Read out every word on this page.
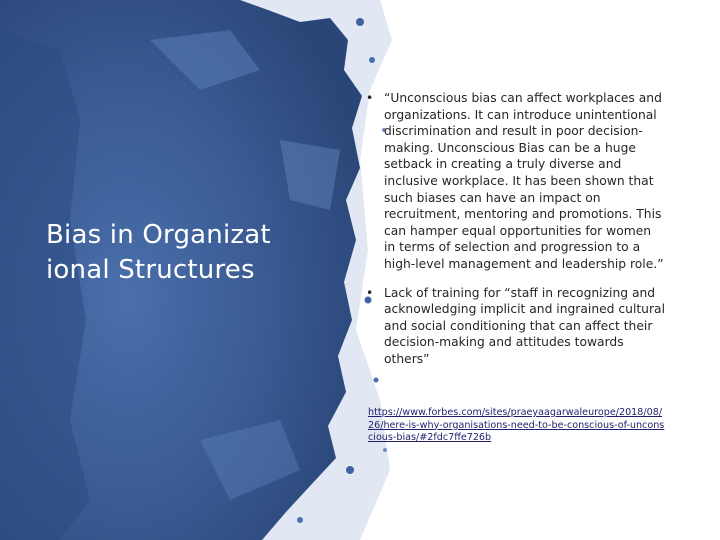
Bias in Organizational Structures
• “Unconscious bias can affect workplaces and organizations. It can introduce unintentional discrimination and result in poor decision-making. Unconscious Bias can be a huge setback in creating a truly diverse and inclusive workplace. It has been shown that such biases can have an impact on recruitment, mentoring and promotions. This can hamper equal opportunities for women in terms of selection and progression to a high-level management and leadership role.”
• Lack of training for “staff in recognizing and acknowledging implicit and ingrained cultural and social conditioning that can affect their decision-making and attitudes towards others”
https://www.forbes.com/sites/praeyaagarwaleurope/2018/08/26/here-is-why-organisations-need-to-be-conscious-of-unconscious-bias/#2fdc7ffe726b
